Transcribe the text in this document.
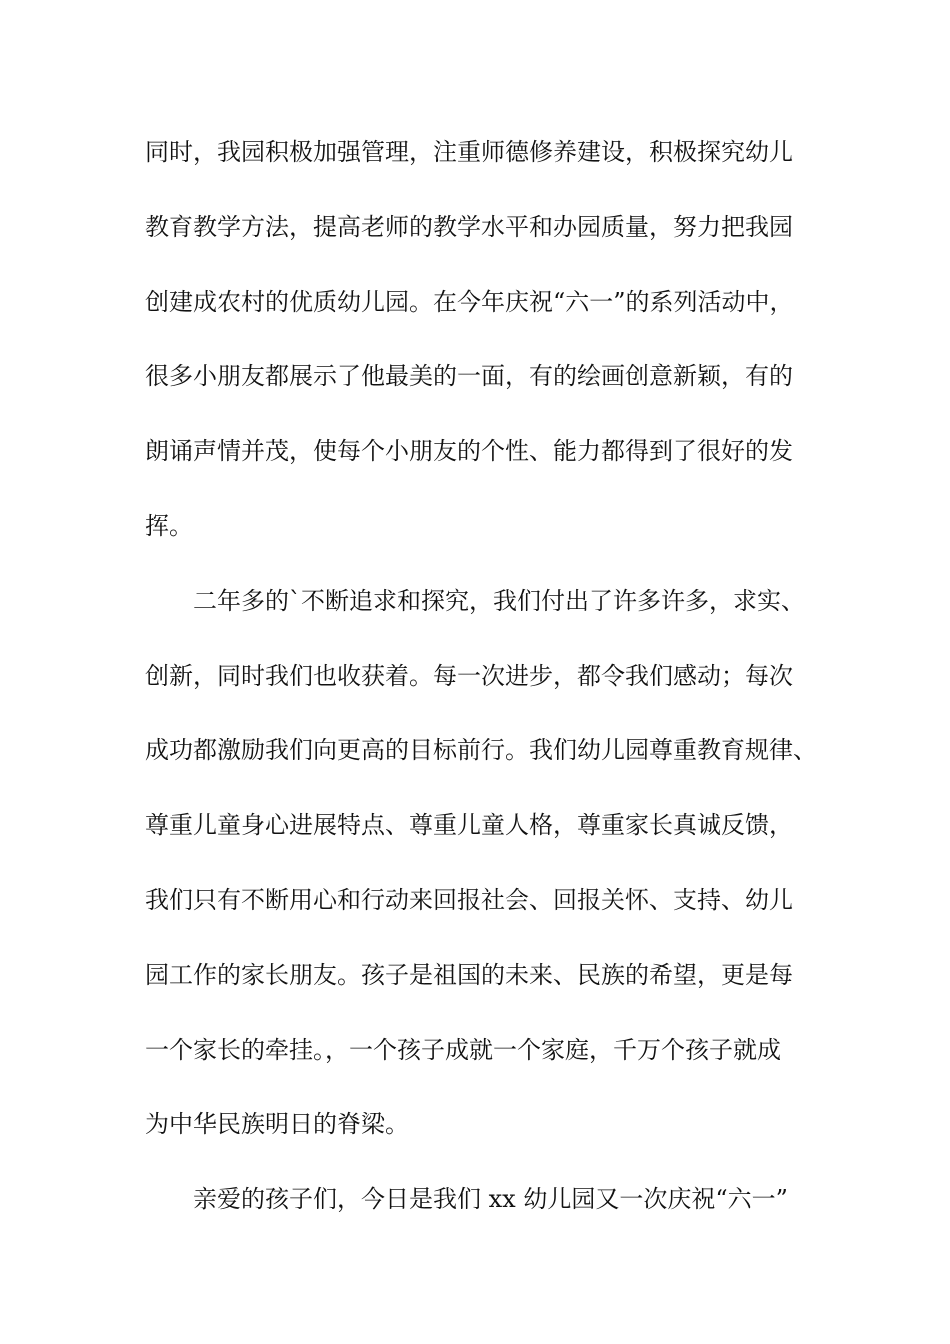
同时，我园积极加强管理，注重师德修养建设，积极探究幼儿
教育教学方法，提高老师的教学水平和办园质量，努力把我园
创建成农村的优质幼儿园。在今年庆祝“六一”的系列活动中，
很多小朋友都展示了他最美的一面，有的绘画创意新颖，有的
朗诵声情并茂，使每个小朋友的个性、能力都得到了很好的发
挥。
二年多的`不断追求和探究，我们付出了许多许多，求实、
创新，同时我们也收获着。每一次进步，都令我们感动；每次
成功都激励我们向更高的目标前行。我们幼儿园尊重教育规律、
尊重儿童身心进展特点、尊重儿童人格，尊重家长真诚反馈，
我们只有不断用心和行动来回报社会、回报关怀、支持、幼儿
园工作的家长朋友。孩子是祖国的未来、民族的希望，更是每
一个家长的牵挂。，一个孩子成就一个家庭，千万个孩子就成
为中华民族明日的脊梁。
亲爱的孩子们，今日是我们 xx 幼儿园又一次庆祝“六一”
